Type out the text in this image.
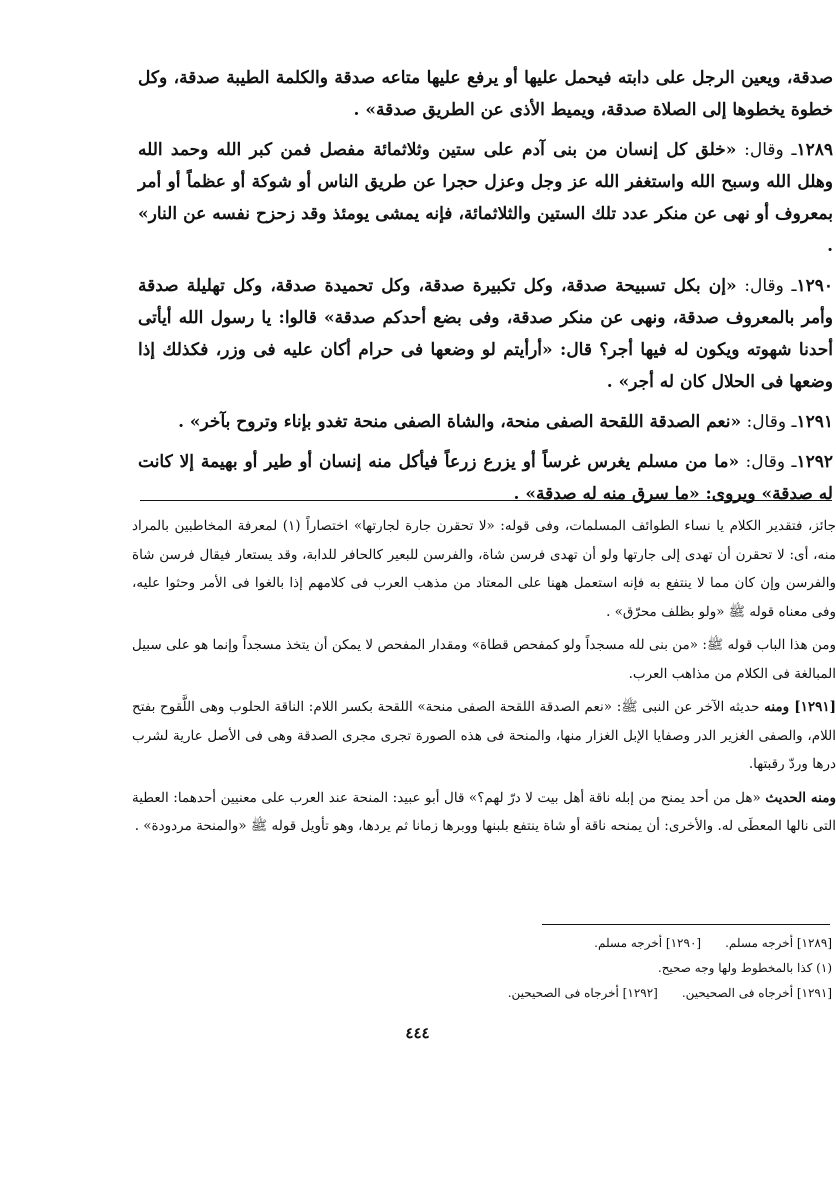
صدقة، ويعين الرجل على دابته فيحمل عليها أو يرفع عليها متاعه صدقة والكلمة الطيبة صدقة، وكل خطوة يخطوها إلى الصلاة صدقة، ويميط الأذى عن الطريق صدقة» .

١٢٨٩ـ وقال: «خلق كل إنسان من بنى آدم على ستين وثلاثمائة مفصل فمن كبر الله وحمد الله وهلل الله وسبح الله واستغفر الله عز وجل وعزل حجرا عن طريق الناس أو شوكة أو عظماً أو أمر بمعروف أو نهى عن منكر عدد تلك الستين والثلاثمائة، فإنه يمشى يومئذ وقد زحزح نفسه عن النار» .

١٢٩٠ـ وقال: «إن بكل تسبيحة صدقة، وكل تكبيرة صدقة، وكل تحميدة صدقة، وكل تهليلة صدقة وأمر بالمعروف صدقة، ونهى عن منكر صدقة، وفى بضع أحدكم صدقة» قالوا: يا رسول الله أيأتى أحدنا شهوته ويكون له فيها أجر؟ قال: «أرأيتم لو وضعها فى حرام أكان عليه فى وزر، فكذلك إذا وضعها فى الحلال كان له أجر» .

١٢٩١ـ وقال: «نعم الصدقة اللقحة الصفى منحة، والشاة الصفى منحة تغدو بإناء وتروح بآخر» .

١٢٩٢ـ وقال: «ما من مسلم يغرس غرساً أو يزرع زرعاً فيأكل منه إنسان أو طير أو بهيمة إلا كانت له صدقة» ويروى: «ما سرق منه له صدقة» .

جائز، فتقدير الكلام يا نساء الطوائف المسلمات، وفى قوله: «لا تحقرن جارة لجارتها» اختصاراً (١) لمعرفة المخاطبين بالمراد منه، أى: لا تحقرن أن تهدى إلى جارتها ولو أن تهدى فرسن شاة، والفرسن للبعير كالحافر للدابة، وقد يستعار فيقال فرسن شاة والفرسن وإن كان مما لا ينتفع به فإنه استعمل ههنا على المعتاد من مذهب العرب فى كلامهم إذا بالغوا فى الأمر وحثوا عليه، وفى معناه قوله ﷺ «ولو بظلف محرّق» .

ومن هذا الباب قوله ﷺ: «من بنى لله مسجداً ولو كمفحص قطاة» ومقدار المفحص لا يمكن أن يتخذ مسجداً وإنما هو على سبيل المبالغة فى الكلام من مذاهب العرب.

[١٢٩١] ومنه حديثه الآخر عن النبى ﷺ: «نعم الصدقة اللقحة الصفى منحة» اللقحة بكسر اللام: الناقة الحلوب وهى اللَّقوح بفتح اللام، والصفى الغزير الدر وصفايا الإبل الغزار منها، والمنحة فى هذه الصورة تجرى مجرى الصدقة وهى فى الأصل عارية لشرب درها وردّ رقبتها.

ومنه الحديث «هل من أحد يمنح من إبله ناقة أهل بيت لا درّ لهم؟» قال أبو عبيد: المنحة عند العرب على معنيين أحدهما: العطية التى نالها المعطَى له. والأخرى: أن يمنحه ناقة أو شاة ينتفع بلبنها ووبرها زمانا ثم يردها، وهو تأويل قوله ﷺ «والمنحة مردودة» .

[١٢٨٩] أخرجه مسلم.[١٢٩٠] أخرجه مسلم.
(١) كذا بالمخطوط ولها وجه صحيح.
[١٢٩١] أخرجاه فى الصحيحين.[١٢٩٢] أخرجاه فى الصحيحين.
٤٤٤
